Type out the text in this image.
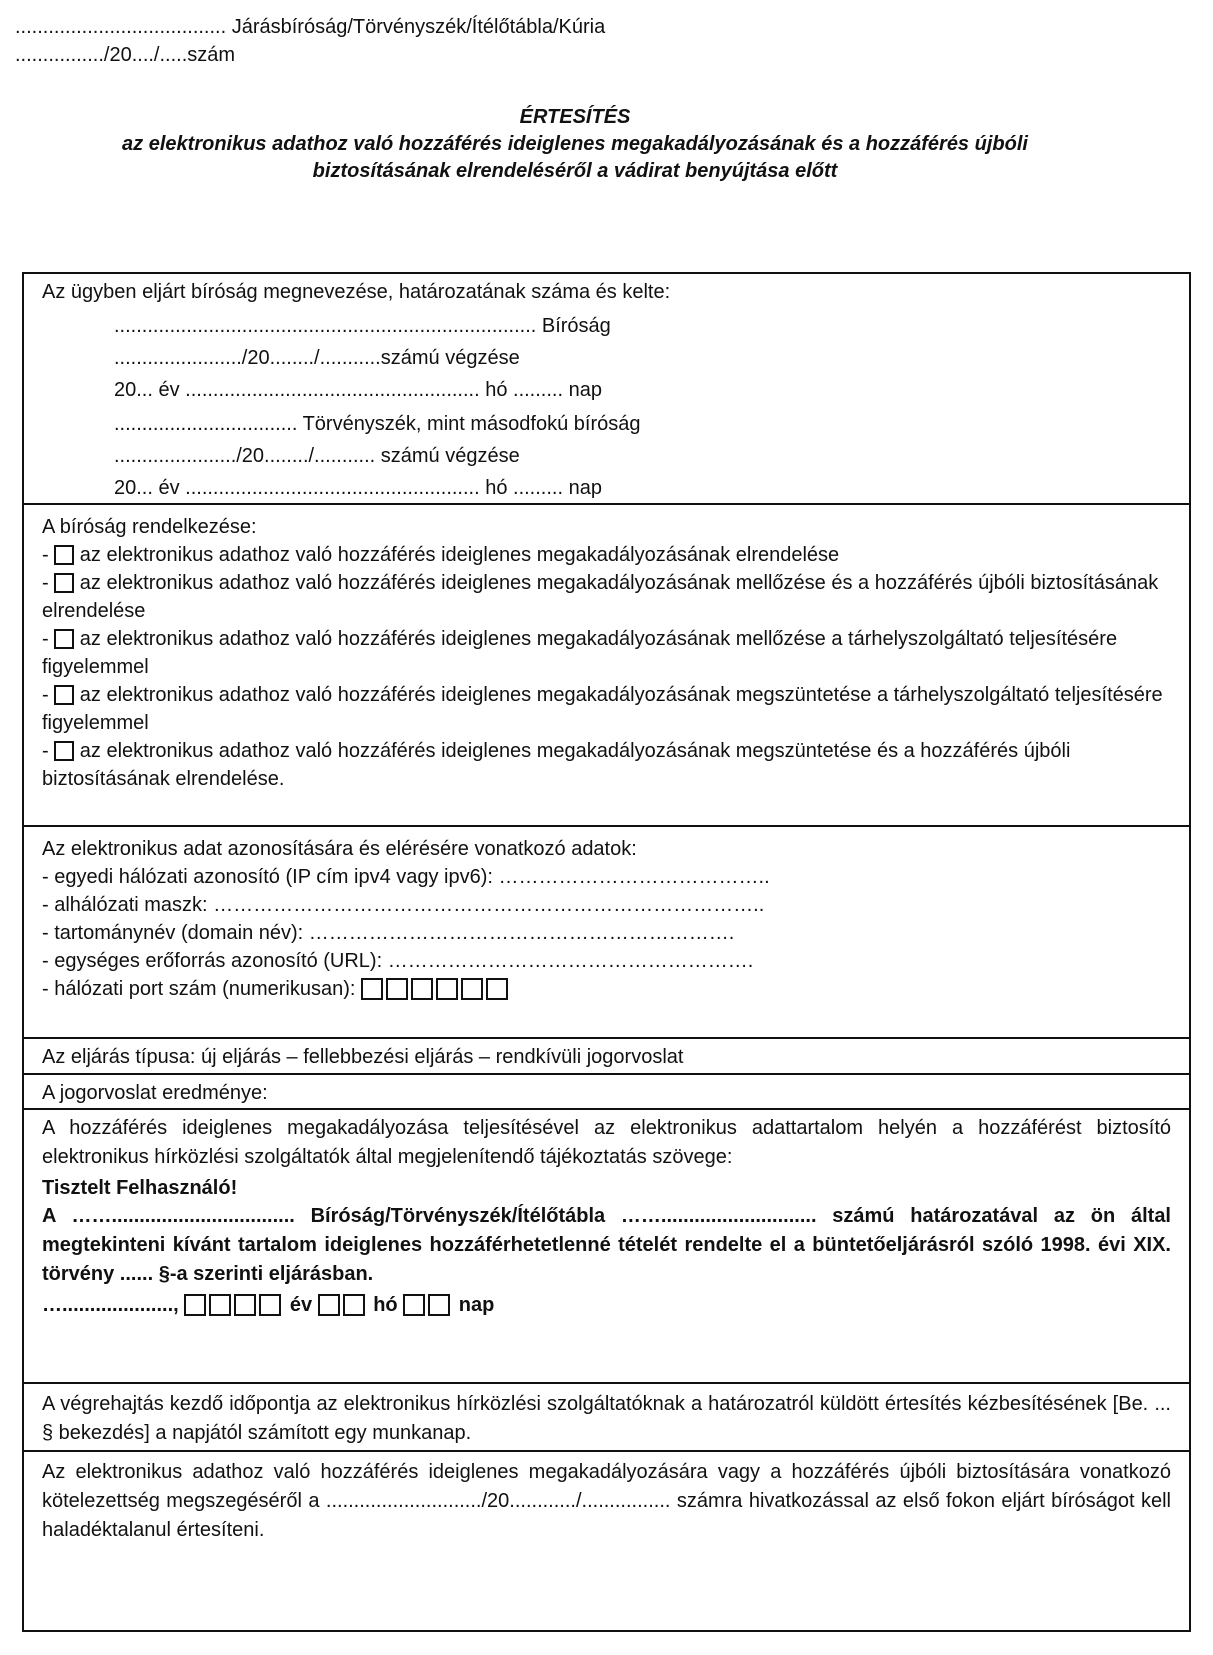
...................................... Járásbíróság/Törvényszék/Ítélőtábla/Kúria
................/20..../.....szám
ÉRTESÍTÉS
az elektronikus adathoz való hozzáférés ideiglenes megakadályozásának és a hozzáférés újbóli
biztosításának elrendeléséről a vádirat benyújtása előtt
Az ügyben eljárt bíróság megnevezése, határozatának száma és kelte:
............................................................................ Bíróság
......................./20......../...........számú végzése
20... év ..................................................... hó ......... nap
................................. Törvényszék, mint másodfokú bíróság
....................../20......../........... számú végzése
20... év ..................................................... hó ......... nap
A bíróság rendelkezése:
- az elektronikus adathoz való hozzáférés ideiglenes megakadályozásának elrendelése
- az elektronikus adathoz való hozzáférés ideiglenes megakadályozásának mellőzése és a hozzáférés újbóli biztosításának elrendelése
- az elektronikus adathoz való hozzáférés ideiglenes megakadályozásának mellőzése a tárhelyszolgáltató teljesítésére figyelemmel
- az elektronikus adathoz való hozzáférés ideiglenes megakadályozásának megszüntetése a tárhelyszolgáltató teljesítésére figyelemmel
- az elektronikus adathoz való hozzáférés ideiglenes megakadályozásának megszüntetése és a hozzáférés újbóli biztosításának elrendelése.
Az elektronikus adat azonosítására és elérésére vonatkozó adatok:
- egyedi hálózati azonosító (IP cím ipv4 vagy ipv6): …………………………………..
- alhálózati maszk: ………………………………………………………………………..
- tartománynév (domain név): ……………………………………………………….
- egységes erőforrás azonosító (URL): ……………………………………………….
- hálózati port szám (numerikusan):
Az eljárás típusa: új eljárás – fellebbezési eljárás – rendkívüli jogorvoslat
A jogorvoslat eredménye:
A hozzáférés ideiglenes megakadályozása teljesítésével az elektronikus adattartalom helyén a hozzáférést biztosító elektronikus hírközlési szolgáltatók által megjelenítendő tájékoztatás szövege:
Tisztelt Felhasználó!
A ……................................. Bíróság/Törvényszék/Ítélőtábla ……............................ számú határozatával az ön által megtekinteni kívánt tartalom ideiglenes hozzáférhetetlenné tételét rendelte el a büntetőeljárásról szóló 1998. évi XIX. törvény ...... §-a szerinti eljárásban.
…....................,	év	hó	nap
A végrehajtás kezdő időpontja az elektronikus hírközlési szolgáltatóknak a határozatról küldött értesítés kézbesítésének [Be. ... § bekezdés] a napjától számított egy munkanap.
Az elektronikus adathoz való hozzáférés ideiglenes megakadályozására vagy a hozzáférés újbóli biztosítására vonatkozó kötelezettség megszegéséről a ............................/20............/................ számra hivatkozással az első fokon eljárt bíróságot kell haladéktalanul értesíteni.
